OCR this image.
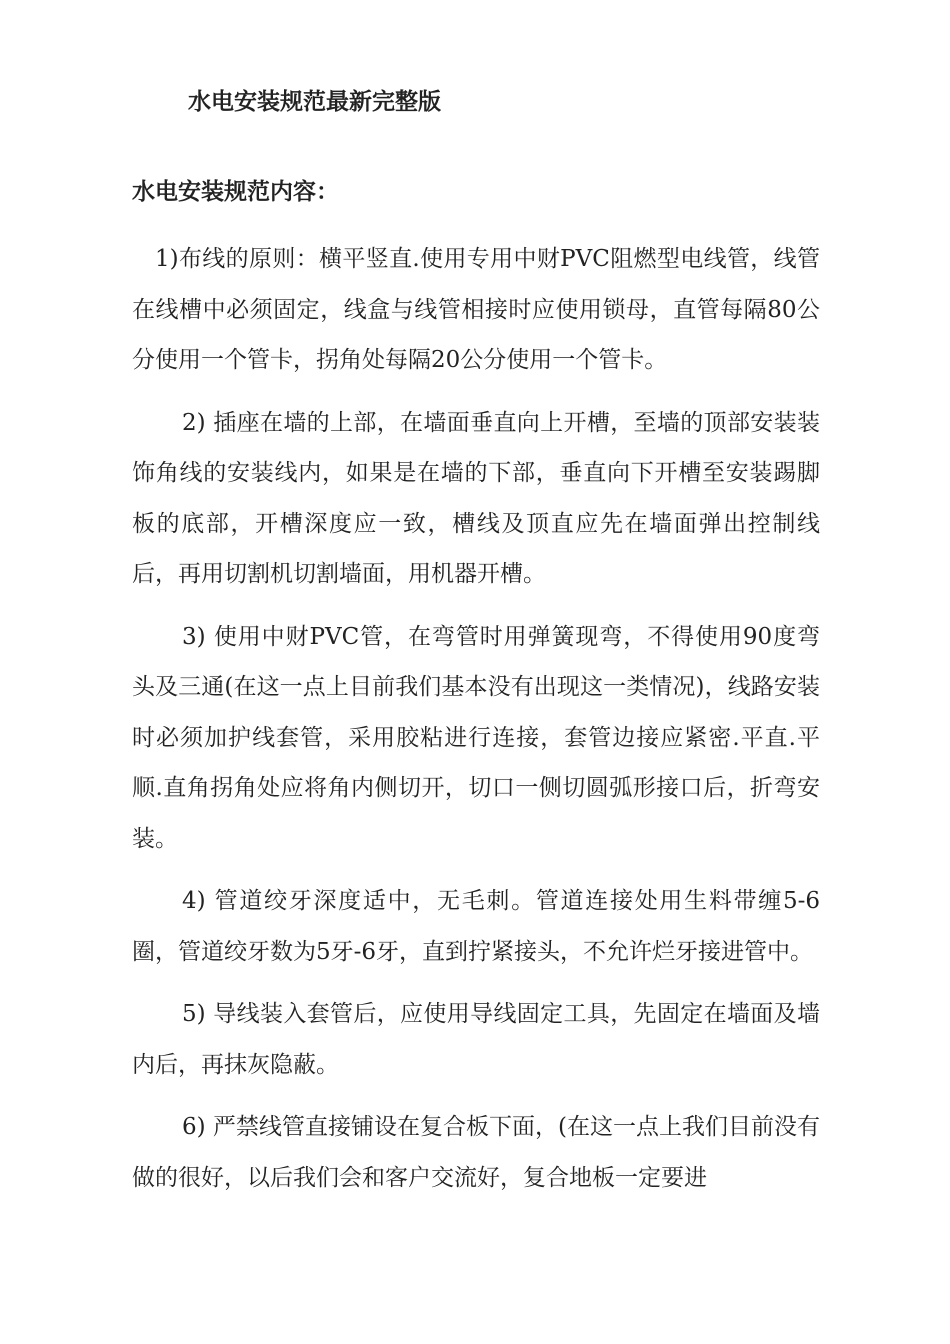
水电安装规范最新完整版
水电安装规范内容：

1)布线的原则：横平竖直.使用专用中财PVC阻燃型电线管，线管在线槽中必须固定，线盒与线管相接时应使用锁母，直管每隔80公分使用一个管卡，拐角处每隔20公分使用一个管卡。

2) 插座在墙的上部，在墙面垂直向上开槽，至墙的顶部安装装饰角线的安装线内，如果是在墙的下部，垂直向下开槽至安装踢脚板的底部，开槽深度应一致，槽线及顶直应先在墙面弹出控制线后，再用切割机切割墙面，用机器开槽。

3) 使用中财PVC管，在弯管时用弹簧现弯，不得使用90度弯头及三通(在这一点上目前我们基本没有出现这一类情况)，线路安装时必须加护线套管，采用胶粘进行连接，套管边接应紧密.平直.平顺.直角拐角处应将角内侧切开，切口一侧切圆弧形接口后，折弯安装。

4) 管道绞牙深度适中，无毛刺。管道连接处用生料带缠5-6圈，管道绞牙数为5牙-6牙，直到拧紧接头，不允许烂牙接进管中。

5) 导线装入套管后，应使用导线固定工具，先固定在墙面及墙内后，再抹灰隐蔽。

6) 严禁线管直接铺设在复合板下面，(在这一点上我们目前没有做的很好，以后我们会和客户交流好，复合地板一定要进
